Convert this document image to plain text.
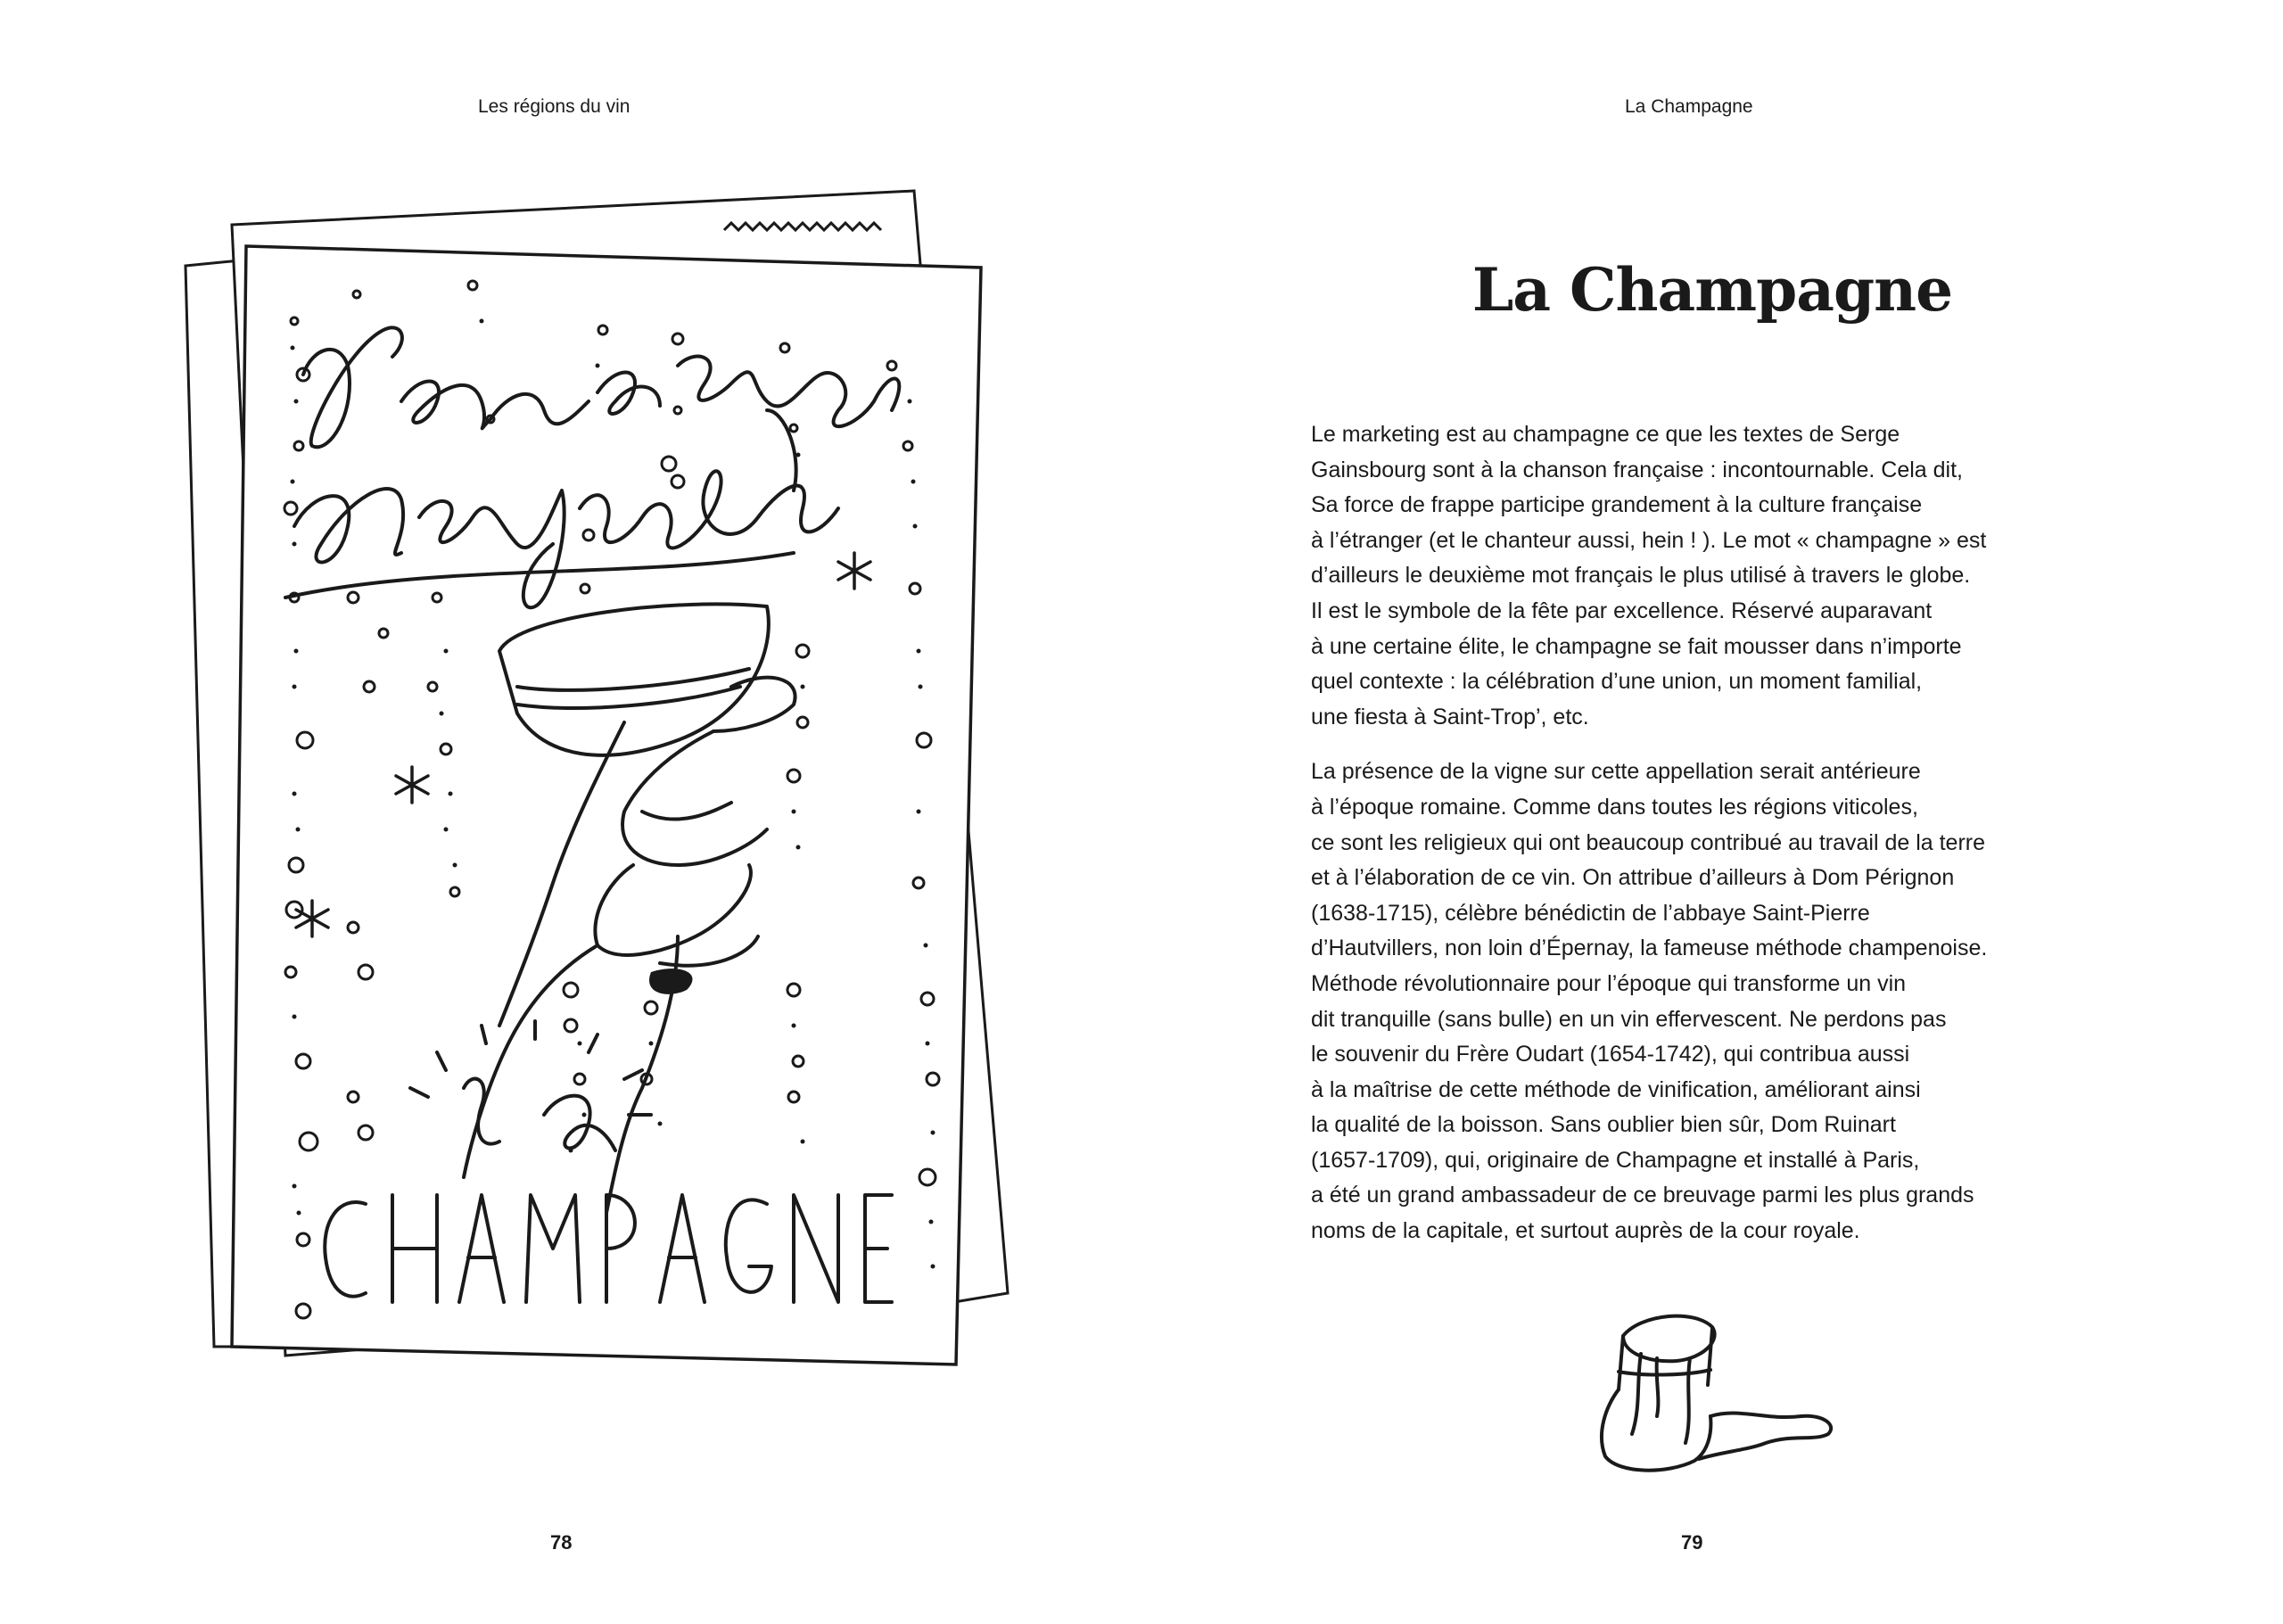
Les régions du vin
78
La Champagne
La Champagne

Le marketing est au champagne ce que les textes de Serge
Gainsbourg sont à la chanson française : incontournable. Cela dit,
Sa force de frappe participe grandement à la culture française
à l’étranger (et le chanteur aussi, hein ! ). Le mot « champagne » est
d’ailleurs le deuxième mot français le plus utilisé à travers le globe.
Il est le symbole de la fête par excellence. Réservé auparavant
à une certaine élite, le champagne se fait mousser dans n’importe
quel contexte : la célébration d’une union, un moment familial,
une fiesta à Saint-Trop’, etc.

La présence de la vigne sur cette appellation serait antérieure
à l’époque romaine. Comme dans toutes les régions viticoles,
ce sont les religieux qui ont beaucoup contribué au travail de la terre
et à l’élaboration de ce vin. On attribue d’ailleurs à Dom Pérignon
(1638-1715), célèbre bénédictin de l’abbaye Saint-Pierre
d’Hautvillers, non loin d’Épernay, la fameuse méthode champenoise.
Méthode révolutionnaire pour l’époque qui transforme un vin
dit tranquille (sans bulle) en un vin effervescent. Ne perdons pas
le souvenir du Frère Oudart (1654-1742), qui contribua aussi
à la maîtrise de cette méthode de vinification, améliorant ainsi
la qualité de la boisson. Sans oublier bien sûr, Dom Ruinart
(1657-1709), qui, originaire de Champagne et installé à Paris,
a été un grand ambassadeur de ce breuvage parmi les plus grands
noms de la capitale, et surtout auprès de la cour royale.

79
